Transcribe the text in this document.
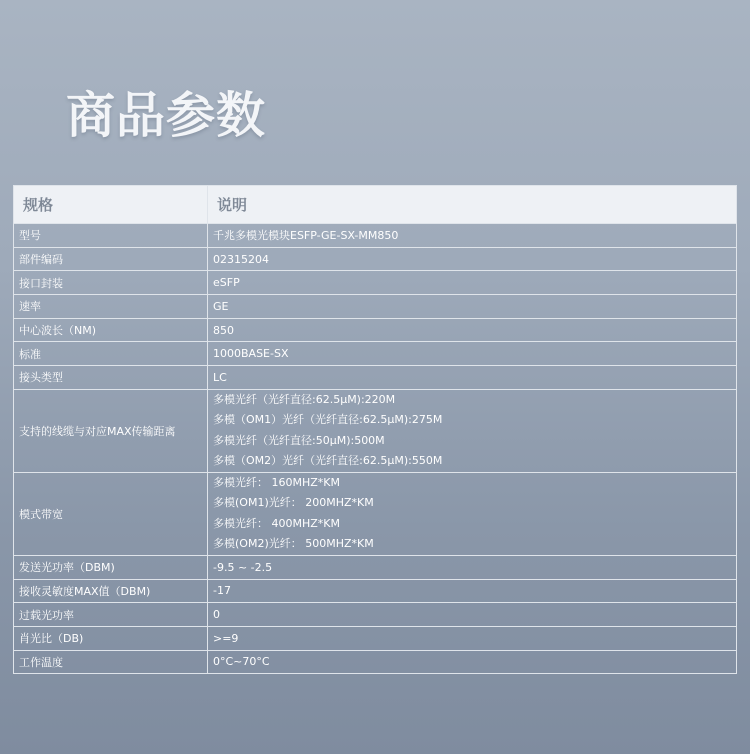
商品参数
规格	说明
型号	千兆多模光模块ESFP-GE-SX-MM850
部件编码	02315204
接口封装	eSFP
速率	GE
中心波长（NM)	850
标准	1000BASE-SX
接头类型	LC
支持的线缆与对应MAX传输距离	多模光纤（光纤直径:62.5μM):220M
多模（OM1）光纤（光纤直径:62.5μM):275M
多模光纤（光纤直径:50μM):500M
多模（OM2）光纤（光纤直径:62.5μM):550M

模式带宽	多模光纤： 160MHZ*KM
多模(OM1)光纤： 200MHZ*KM
多模光纤： 400MHZ*KM
多模(OM2)光纤： 500MHZ*KM

发送光功率（DBM)	-9.5 ~ -2.5
接收灵敏度MAX值（DBM)	-17
过载光功率	0
肖光比（DB)	>=9
工作温度	0°C~70°C
